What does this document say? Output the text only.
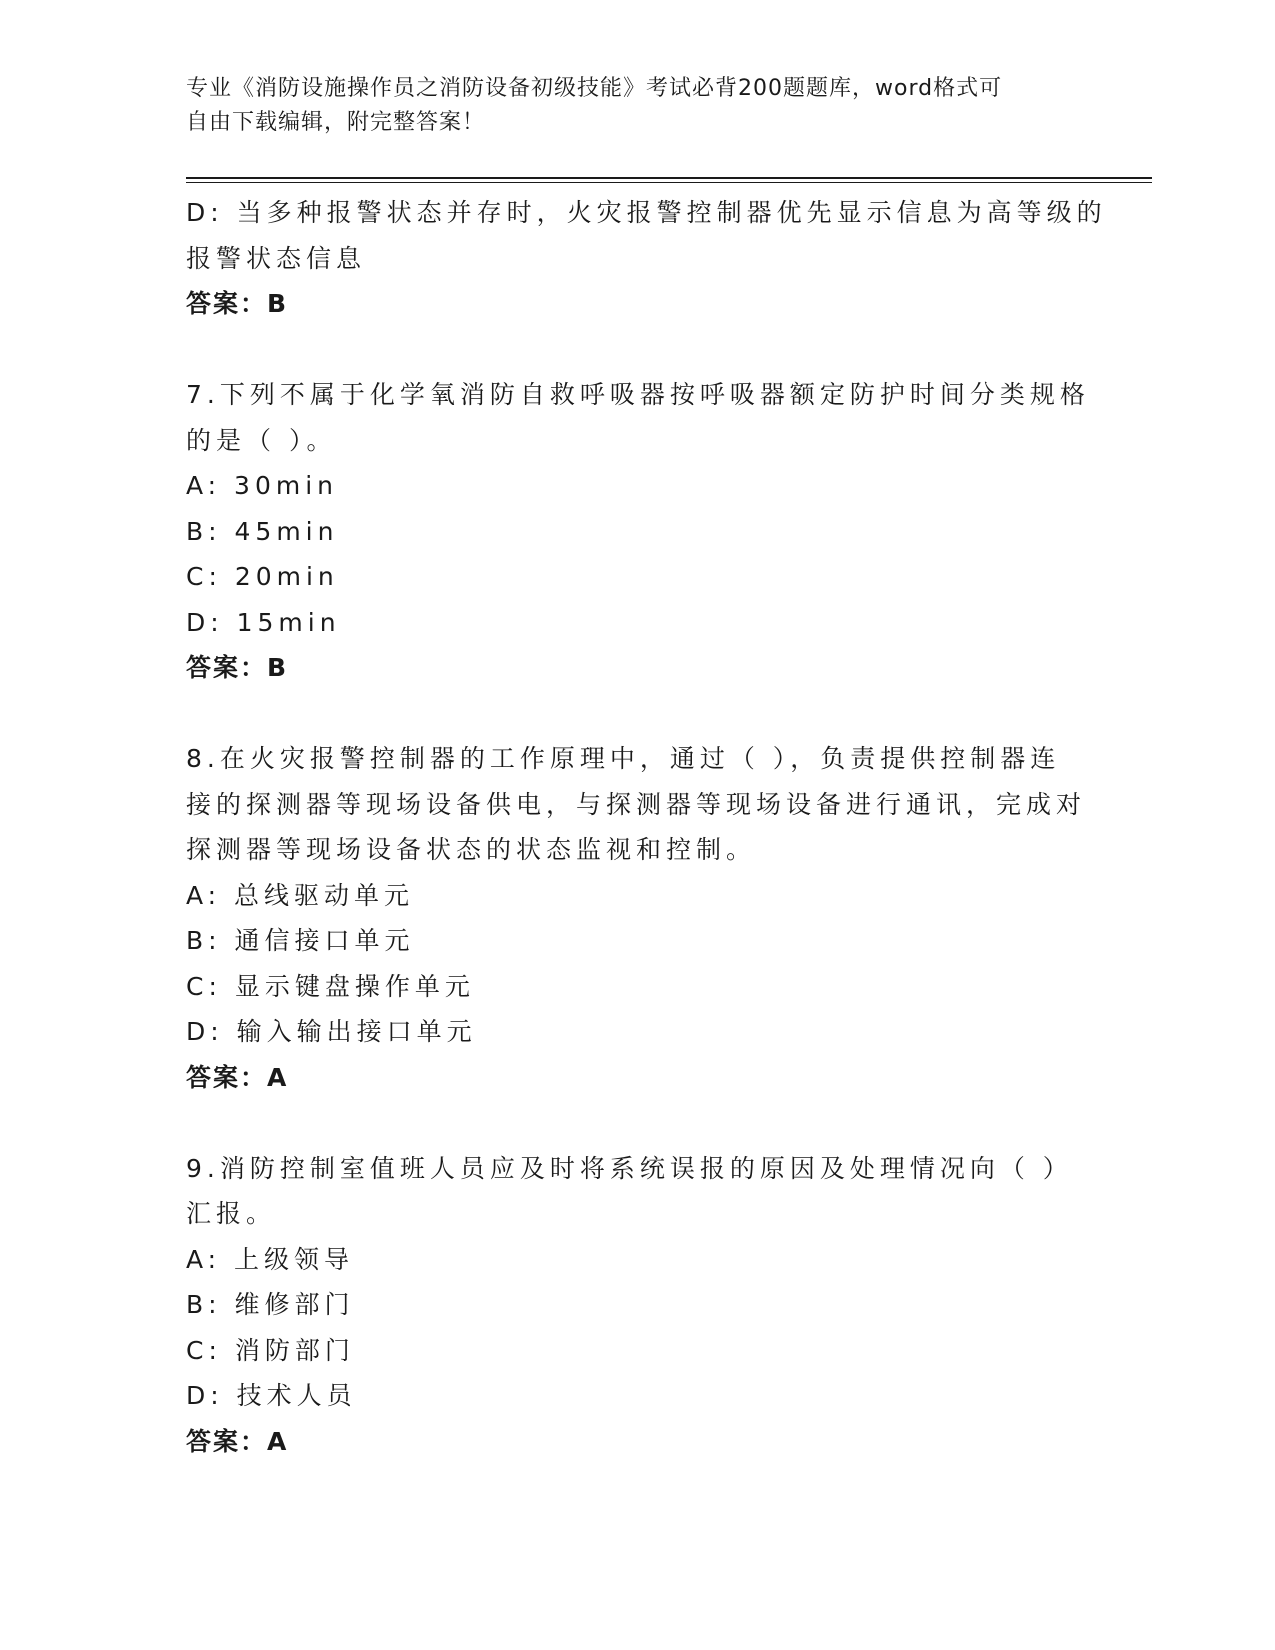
专业《消防设施操作员之消防设备初级技能》考试必背200题题库，word格式可
自由下载编辑，附完整答案！
D: 当多种报警状态并存时，火灾报警控制器优先显示信息为高等级的
报警状态信息
答案：B
7.下列不属于化学氧消防自救呼吸器按呼吸器额定防护时间分类规格
的是（ ）。
A: 30min
B: 45min
C: 20min
D: 15min
答案：B
8.在火灾报警控制器的工作原理中，通过（ ），负责提供控制器连
接的探测器等现场设备供电，与探测器等现场设备进行通讯，完成对
探测器等现场设备状态的状态监视和控制。
A: 总线驱动单元
B: 通信接口单元
C: 显示键盘操作单元
D: 输入输出接口单元
答案：A
9.消防控制室值班人员应及时将系统误报的原因及处理情况向（ ）
汇报。
A: 上级领导
B: 维修部门
C: 消防部门
D: 技术人员
答案：A
